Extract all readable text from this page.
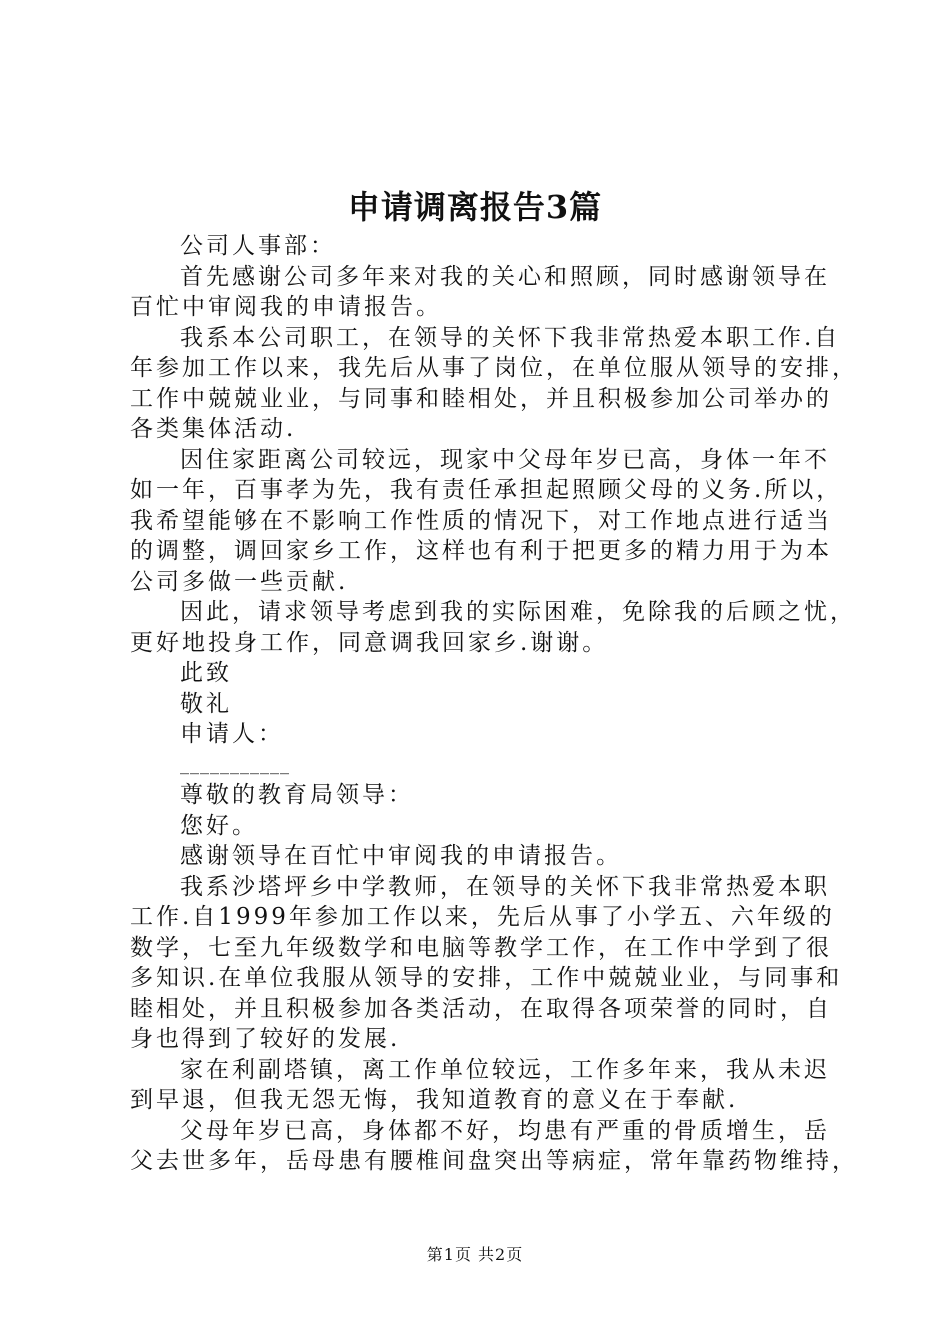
申请调离报告3篇
公司人事部：
首先感谢公司多年来对我的关心和照顾，同时感谢领导在
百忙中审阅我的申请报告。
我系本公司职工，在领导的关怀下我非常热爱本职工作.自
年参加工作以来，我先后从事了岗位，在单位服从领导的安排，
工作中兢兢业业，与同事和睦相处，并且积极参加公司举办的
各类集体活动.
因住家距离公司较远，现家中父母年岁已高，身体一年不
如一年，百事孝为先，我有责任承担起照顾父母的义务.所以，
我希望能够在不影响工作性质的情况下，对工作地点进行适当
的调整，调回家乡工作，这样也有利于把更多的精力用于为本
公司多做一些贡献.
因此，请求领导考虑到我的实际困难，免除我的后顾之忧，
更好地投身工作，同意调我回家乡.谢谢。
此致
敬礼
申请人：
___________
尊敬的教育局领导：
您好。
感谢领导在百忙中审阅我的申请报告。
我系沙塔坪乡中学教师，在领导的关怀下我非常热爱本职
工作.自1999年参加工作以来，先后从事了小学五、六年级的
数学，七至九年级数学和电脑等教学工作，在工作中学到了很
多知识.在单位我服从领导的安排，工作中兢兢业业，与同事和
睦相处，并且积极参加各类活动，在取得各项荣誉的同时，自
身也得到了较好的发展.
家在利副塔镇，离工作单位较远，工作多年来，我从未迟
到早退，但我无怨无悔，我知道教育的意义在于奉献.
父母年岁已高，身体都不好，均患有严重的骨质增生，岳
父去世多年，岳母患有腰椎间盘突出等病症，常年靠药物维持，
第1页 共2页
